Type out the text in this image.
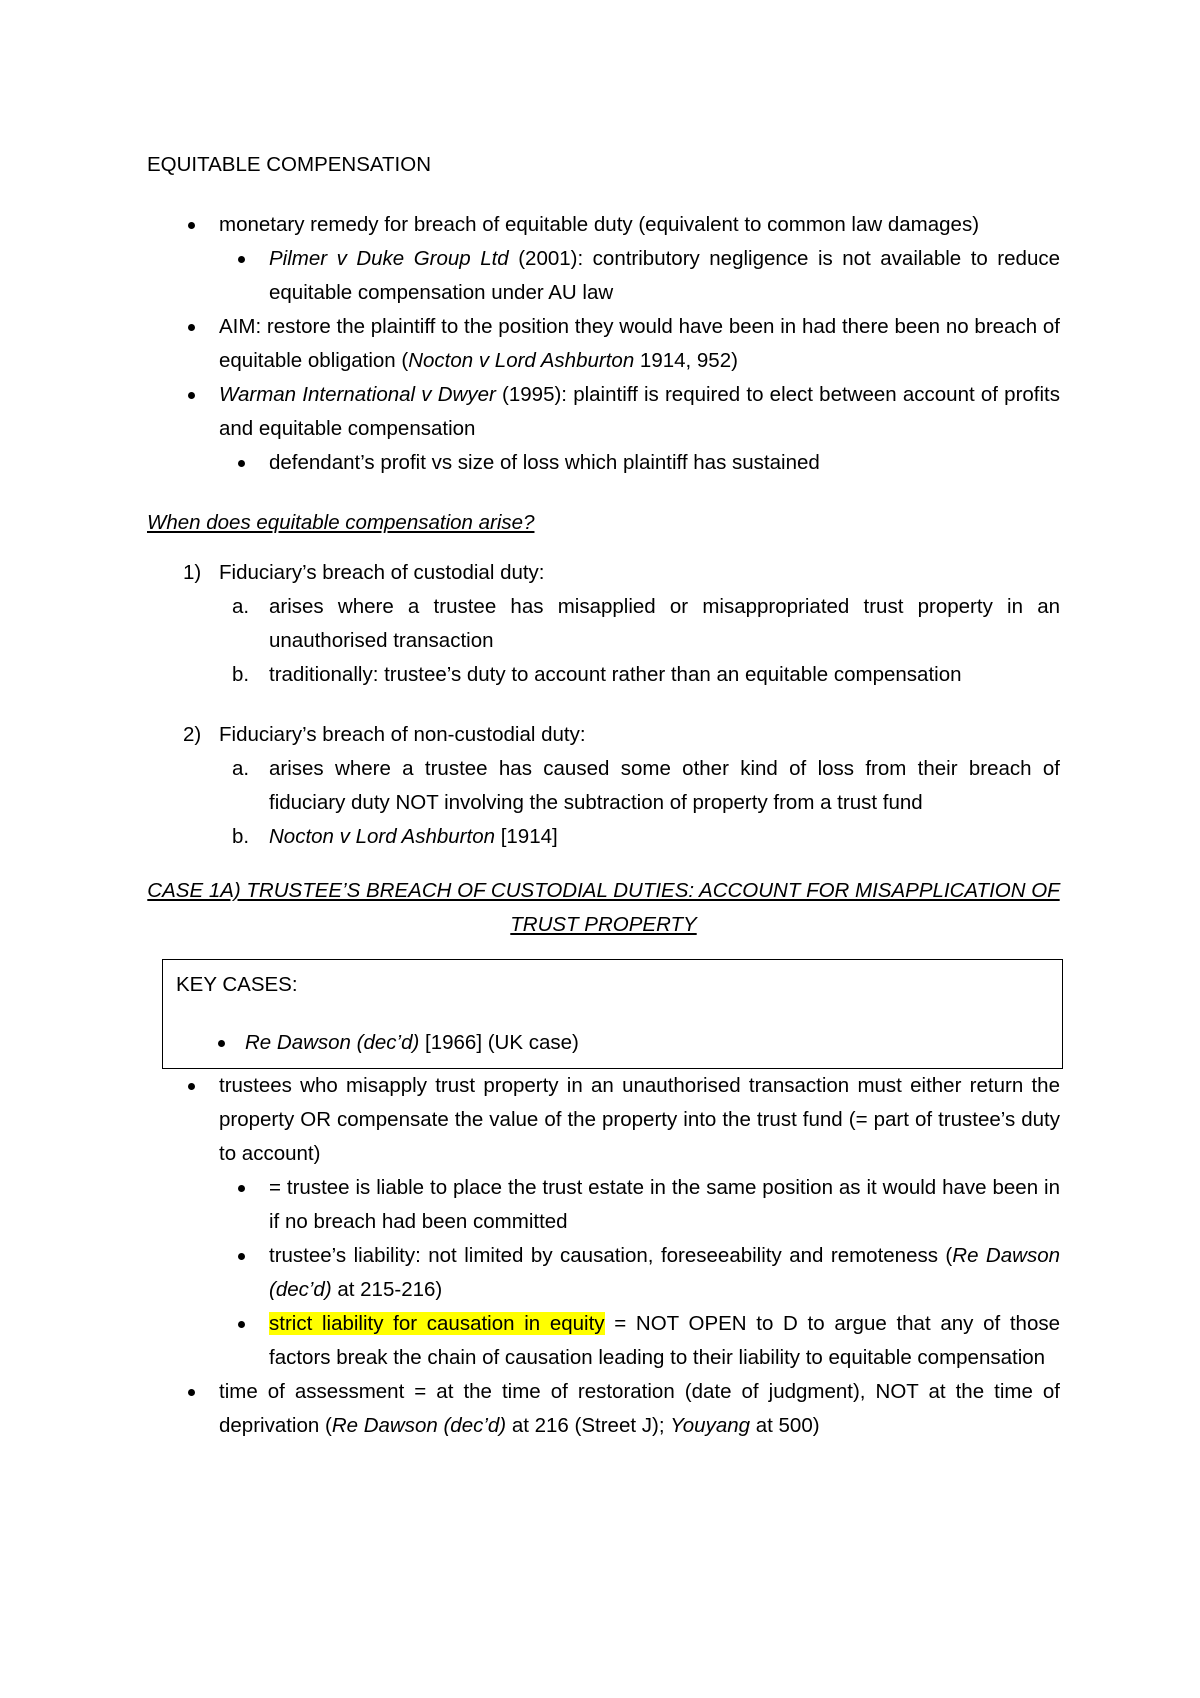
EQUITABLE COMPENSATION
monetary remedy for breach of equitable duty (equivalent to common law damages)
Pilmer v Duke Group Ltd (2001): contributory negligence is not available to reduce equitable compensation under AU law
AIM: restore the plaintiff to the position they would have been in had there been no breach of equitable obligation (Nocton v Lord Ashburton 1914, 952)
Warman International v Dwyer (1995): plaintiff is required to elect between account of profits and equitable compensation
defendant’s profit vs size of loss which plaintiff has sustained
When does equitable compensation arise?
1) Fiduciary’s breach of custodial duty:
a. arises where a trustee has misapplied or misappropriated trust property in an unauthorised transaction
b. traditionally: trustee’s duty to account rather than an equitable compensation
2) Fiduciary’s breach of non-custodial duty:
a. arises where a trustee has caused some other kind of loss from their breach of fiduciary duty NOT involving the subtraction of property from a trust fund
b. Nocton v Lord Ashburton [1914]
CASE 1A) TRUSTEE’S BREACH OF CUSTODIAL DUTIES: ACCOUNT FOR MISAPPLICATION OF
TRUST PROPERTY
KEY CASES:
Re Dawson (dec’d) [1966] (UK case)
trustees who misapply trust property in an unauthorised transaction must either return the property OR compensate the value of the property into the trust fund (= part of trustee’s duty to account)
= trustee is liable to place the trust estate in the same position as it would have been in if no breach had been committed
trustee’s liability: not limited by causation, foreseeability and remoteness (Re Dawson (dec’d) at 215-216)
strict liability for causation in equity = NOT OPEN to D to argue that any of those factors break the chain of causation leading to their liability to equitable compensation
time of assessment = at the time of restoration (date of judgment), NOT at the time of deprivation (Re Dawson (dec’d) at 216 (Street J); Youyang at 500)
